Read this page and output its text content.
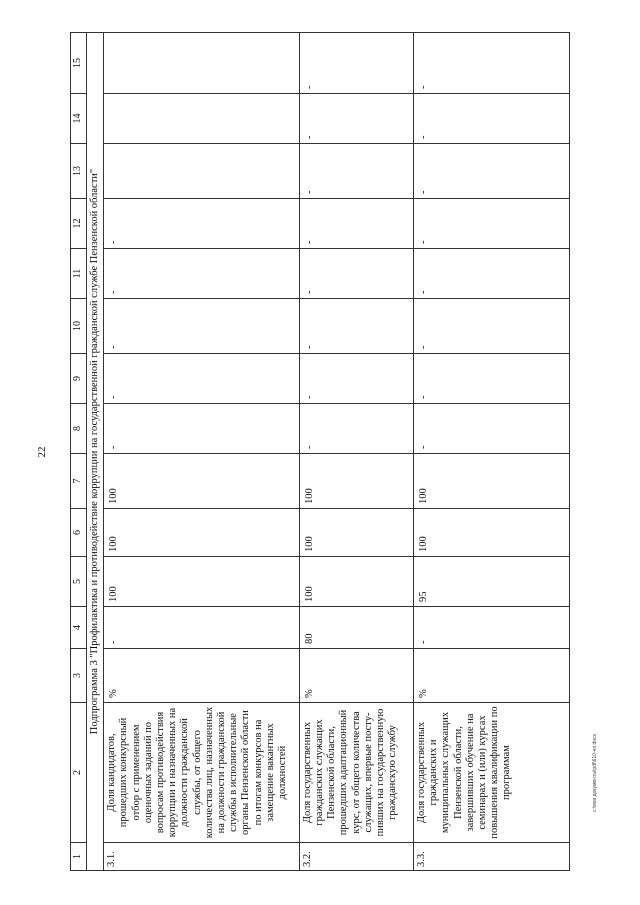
22
1	2	3	4	5	6	7	8	9	10	11	12	13	14	15
Подпрограмма 3 "Профилактика и противодействие коррупции на государственной гражданской службе Пензенской области"														
3.1.	Доля кандидатов, прошедших конкурсный отбор с применением оценочных заданий по вопросам противодействия коррупции и назначенных на должности гражданской службы, от общего количества лиц, назначенных на должности гражданской службы в исполнительные органы Пензенской области по итогам конкурсов на замещение вакантных должностей	%	-	100	100	100	-	-	-	-	-			
3.2.	Доля государственных гражданских служащих Пензенской области, прошедших адаптационный курс, от общего количества служащих, впервые посту-пивших на государственную гражданскую службу	%	80	100	100	100	-	-	-	-	-	-	-	-
3.3.	Доля государственных гражданских и муниципальных служащих Пензенской области, завершивших обучение на семинарах и (или) курсах повышения квалификации по программам	%	-	95	100	100	-	-	-	-	-	-	-	-
c:\мои документы\pdf\610-нп.docx
